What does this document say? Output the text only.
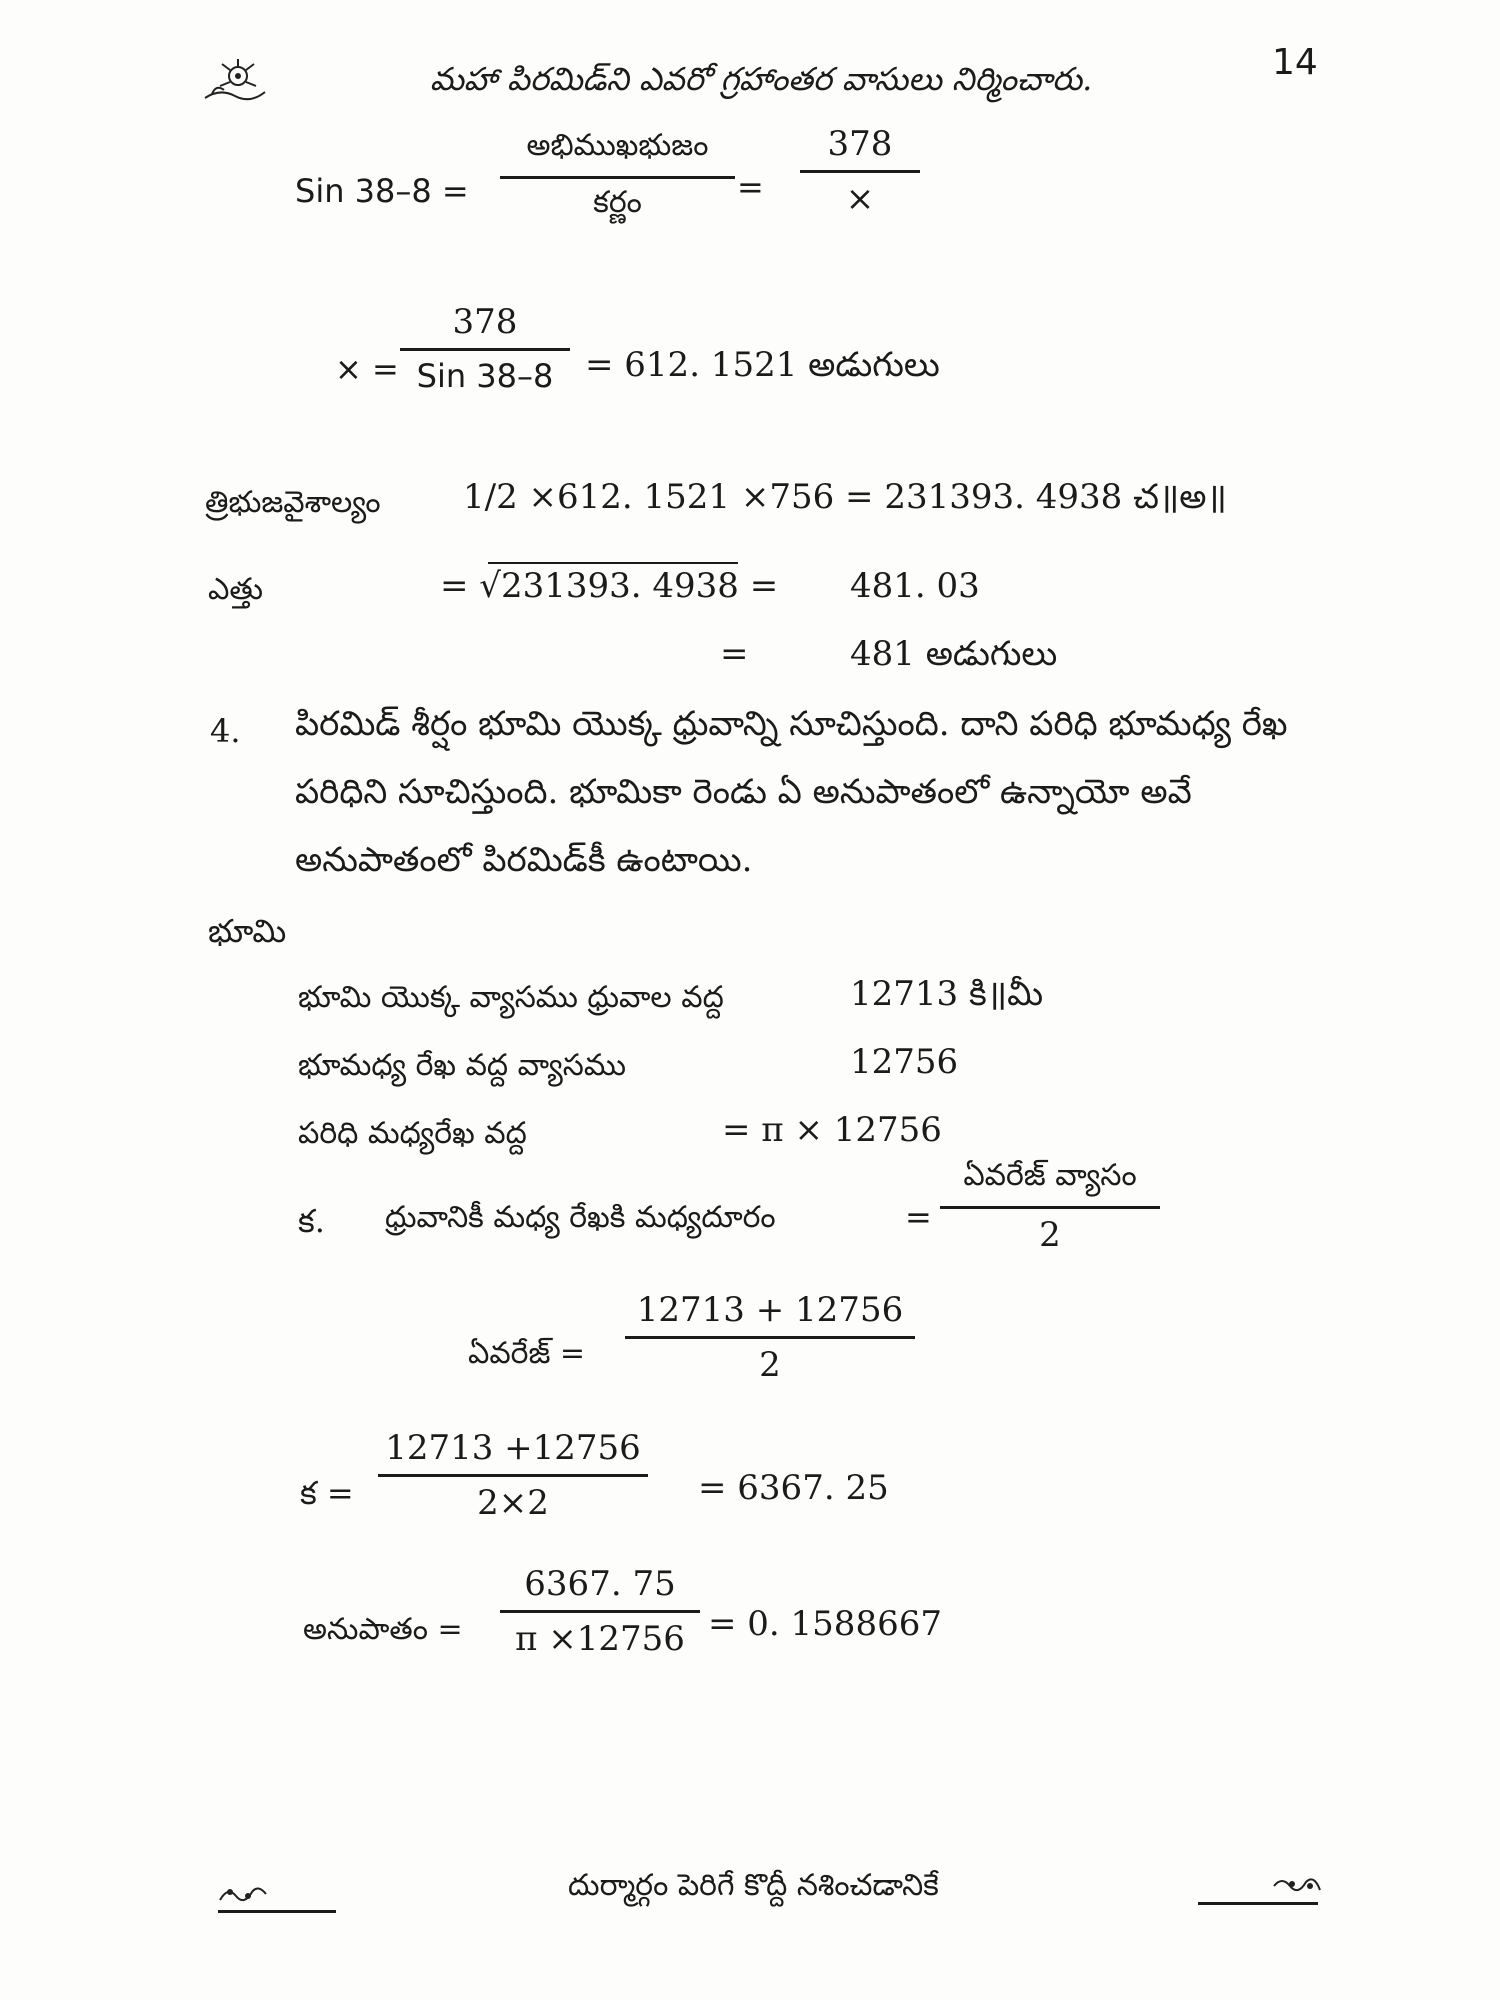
మహా పిరమిడ్‌ని ఎవరో గ్రహాంతర వాసులు నిర్మించారు.	14
Sin 38–8 =
అభిముఖభుజం
కర్ణం	=
378
×
× =
378
Sin 38–8 = 612. 1521 అడుగులు
త్రిభుజవైశాల్యం 1/2 ×612. 1521 ×756 = 231393. 4938 చ॥అ॥
ఎత్తు	= √231393. 4938 = 481. 03
=	481 అడుగులు
4. పిరమిడ్ శీర్షం భూమి యొక్క ధ్రువాన్ని సూచిస్తుంది. దాని పరిధి భూమధ్య రేఖ పరిధిని సూచిస్తుంది. భూమికా రెండు ఏ అనుపాతంలో ఉన్నాయో అవే అనుపాతంలో పిరమిడ్‌కీ ఉంటాయి.
భూమి
భూమి యొక్క వ్యాసము ధ్రువాల వద్ద	12713 కి॥మీ
భూమధ్య రేఖ వద్ద వ్యాసము	12756
పరిధి మధ్యరేఖ వద్ద	= π × 12756
క. ధ్రువానికీ మధ్య రేఖకి మధ్యదూరం	=
ఏవరేజ్ వ్యాసం
2
ఏవరేజ్ =
12713 + 12756
2
క =
12713 +12756
2×2	= 6367. 25
అనుపాతం =
6367. 75
π ×12756 = 0. 1588667
దుర్మార్గం పెరిగే కొద్దీ నశించడానికే
